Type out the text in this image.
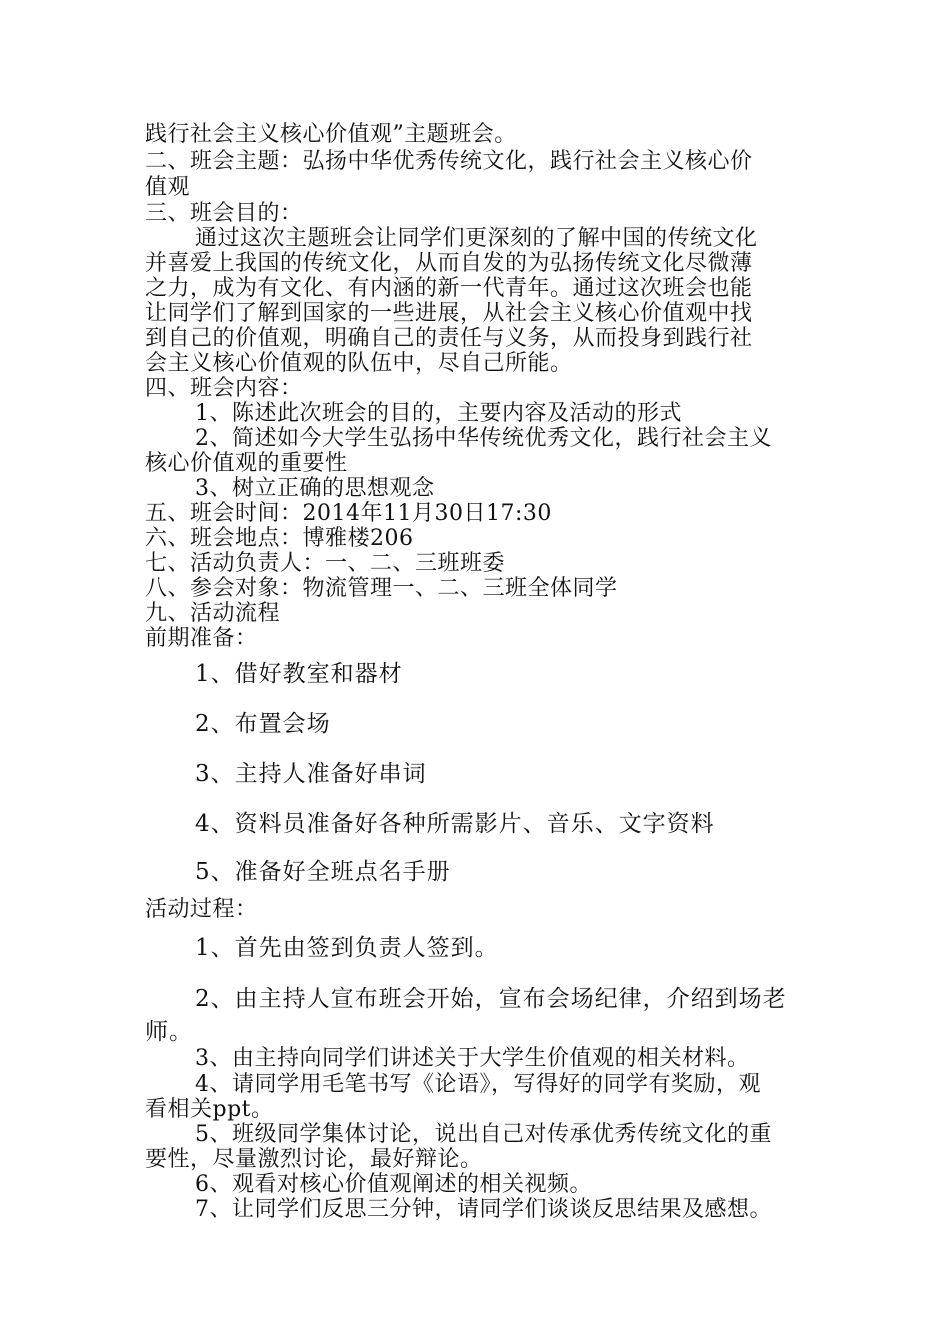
践行社会主义核心价值观”主题班会。
二、班会主题：弘扬中华优秀传统文化，践行社会主义核心价
值观
三、班会目的：
通过这次主题班会让同学们更深刻的了解中国的传统文化
并喜爱上我国的传统文化，从而自发的为弘扬传统文化尽微薄
之力，成为有文化、有内涵的新一代青年。通过这次班会也能
让同学们了解到国家的一些进展，从社会主义核心价值观中找
到自己的价值观，明确自己的责任与义务，从而投身到践行社
会主义核心价值观的队伍中，尽自己所能。
四、班会内容：
1、陈述此次班会的目的，主要内容及活动的形式
2、简述如今大学生弘扬中华传统优秀文化，践行社会主义
核心价值观的重要性
3、树立正确的思想观念
五、班会时间：2014年11月30日17:30
六、班会地点：博雅楼206
七、活动负责人：一、二、三班班委
八、参会对象：物流管理一、二、三班全体同学
九、活动流程
前期准备：
1、借好教室和器材
2、布置会场
3、主持人准备好串词
4、资料员准备好各种所需影片、音乐、文字资料
5、准备好全班点名手册
活动过程：
1、首先由签到负责人签到。
2、由主持人宣布班会开始，宣布会场纪律，介绍到场老
师。
3、由主持向同学们讲述关于大学生价值观的相关材料。
4、请同学用毛笔书写《论语》，写得好的同学有奖励，观
看相关ppt。
5、班级同学集体讨论，说出自己对传承优秀传统文化的重
要性，尽量激烈讨论，最好辩论。
6、观看对核心价值观阐述的相关视频。
7、让同学们反思三分钟，请同学们谈谈反思结果及感想。
